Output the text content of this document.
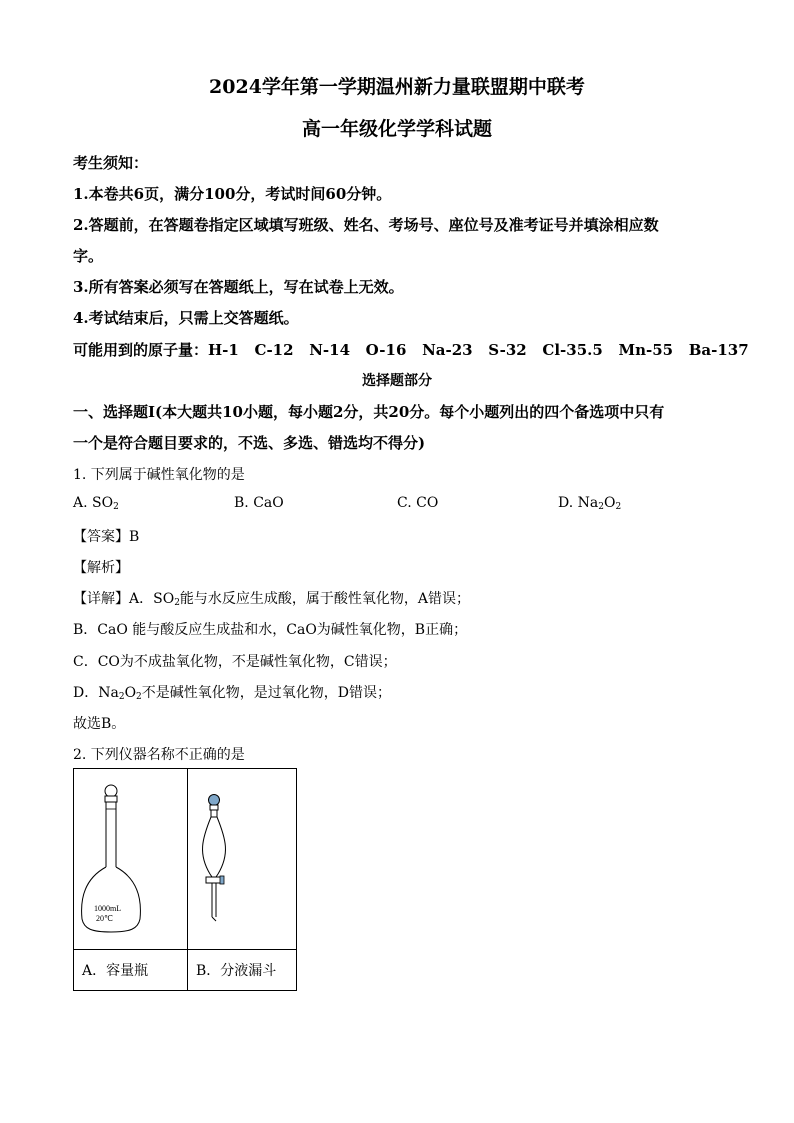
2024学年第一学期温州新力量联盟期中联考
高一年级化学学科试题
考生须知：
1.本卷共6页，满分100分，考试时间60分钟。
2.答题前，在答题卷指定区域填写班级、姓名、考场号、座位号及准考证号并填涂相应数
字。
3.所有答案必须写在答题纸上，写在试卷上无效。
4.考试结束后，只需上交答题纸。
可能用到的原子量：H-1   C-12   N-14   O-16   Na-23   S-32   Cl-35.5   Mn-55   Ba-137
选择题部分
一、选择题Ⅰ(本大题共10小题，每小题2分，共20分。每个小题列出的四个备选项中只有
一个是符合题目要求的，不选、多选、错选均不得分)
1. 下列属于碱性氧化物的是
A. $SO_2$	B. CaO	C. CO	D. $Na_2O_2$
【答案】B
【解析】
【详解】A．$SO_2$能与水反应生成酸，属于酸性氧化物，A错误；
B．CaO 能与酸反应生成盐和水，CaO为碱性氧化物，B正确；
C．CO为不成盐氧化物，不是碱性氧化物，C错误；
D．$Na_2O_2$不是碱性氧化物，是过氧化物，D错误；
故选B。
2. 下列仪器名称不正确的是
1000mL
20℃

A．容量瓶	B．分液漏斗
